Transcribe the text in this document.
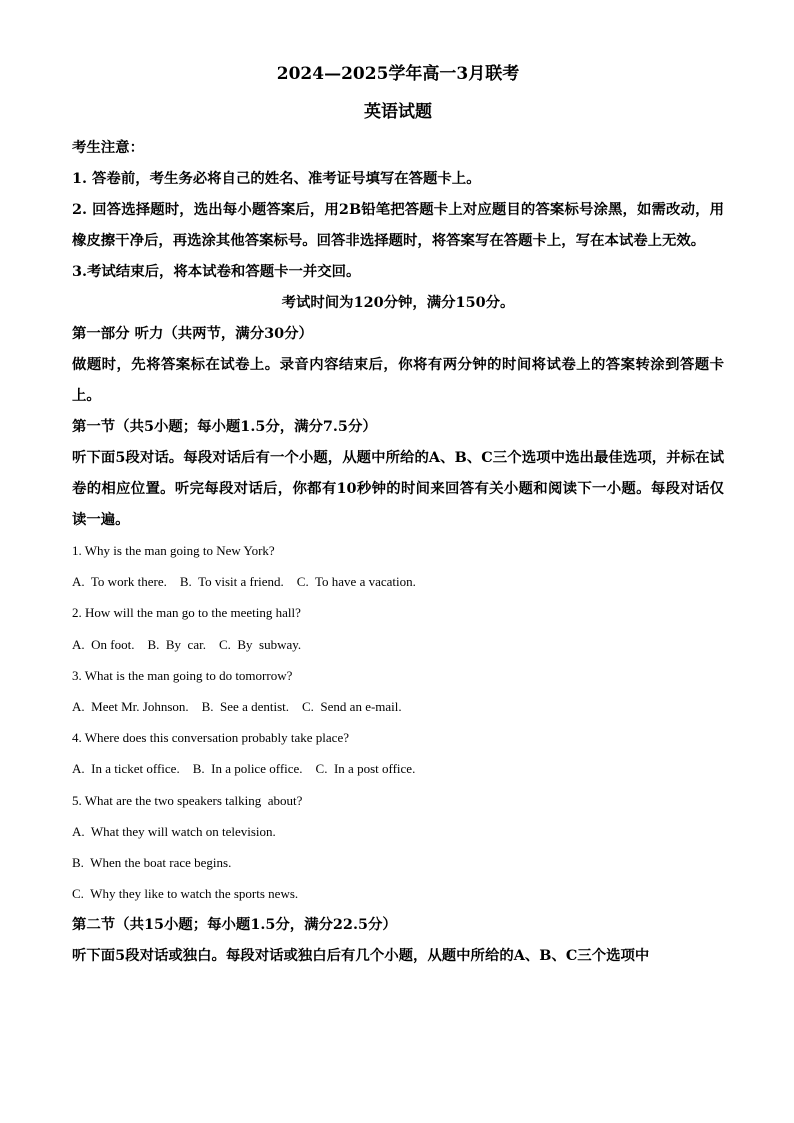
2024—2025学年高一3月联考
英语试题

考生注意：

1. 答卷前，考生务必将自己的姓名、准考证号填写在答题卡上。

2. 回答选择题时，选出每小题答案后，用2B铅笔把答题卡上对应题目的答案标号涂黑，如需改动，用橡皮擦干净后，再选涂其他答案标号。回答非选择题时，将答案写在答题卡上，写在本试卷上无效。

3.考试结束后，将本试卷和答题卡一并交回。

考试时间为120分钟，满分150分。

第一部分 听力（共两节，满分30分）

做题时，先将答案标在试卷上。录音内容结束后，你将有两分钟的时间将试卷上的答案转涂到答题卡上。

第一节（共5小题；每小题1.5分，满分7.5分）

听下面5段对话。每段对话后有一个小题，从题中所给的A、B、C三个选项中选出最佳选项，并标在试卷的相应位置。听完每段对话后，你都有10秒钟的时间来回答有关小题和阅读下一小题。每段对话仅读一遍。

1. Why is the man going to New York?

A.  To work there.    B.  To visit a friend.    C.  To have a vacation.

2. How will the man go to the meeting hall?

A.  On foot.    B.  By  car.    C.  By  subway.

3. What is the man going to do tomorrow?

A.  Meet Mr. Johnson.    B.  See a dentist.    C.  Send an e-mail.

4. Where does this conversation probably take place?

A.  In a ticket office.    B.  In a police office.    C.  In a post office.

5. What are the two speakers talking  about?

A.  What they will watch on television.

B.  When the boat race begins.

C.  Why they like to watch the sports news.

第二节（共15小题；每小题1.5分，满分22.5分）

听下面5段对话或独白。每段对话或独白后有几个小题，从题中所给的A、B、C三个选项中
